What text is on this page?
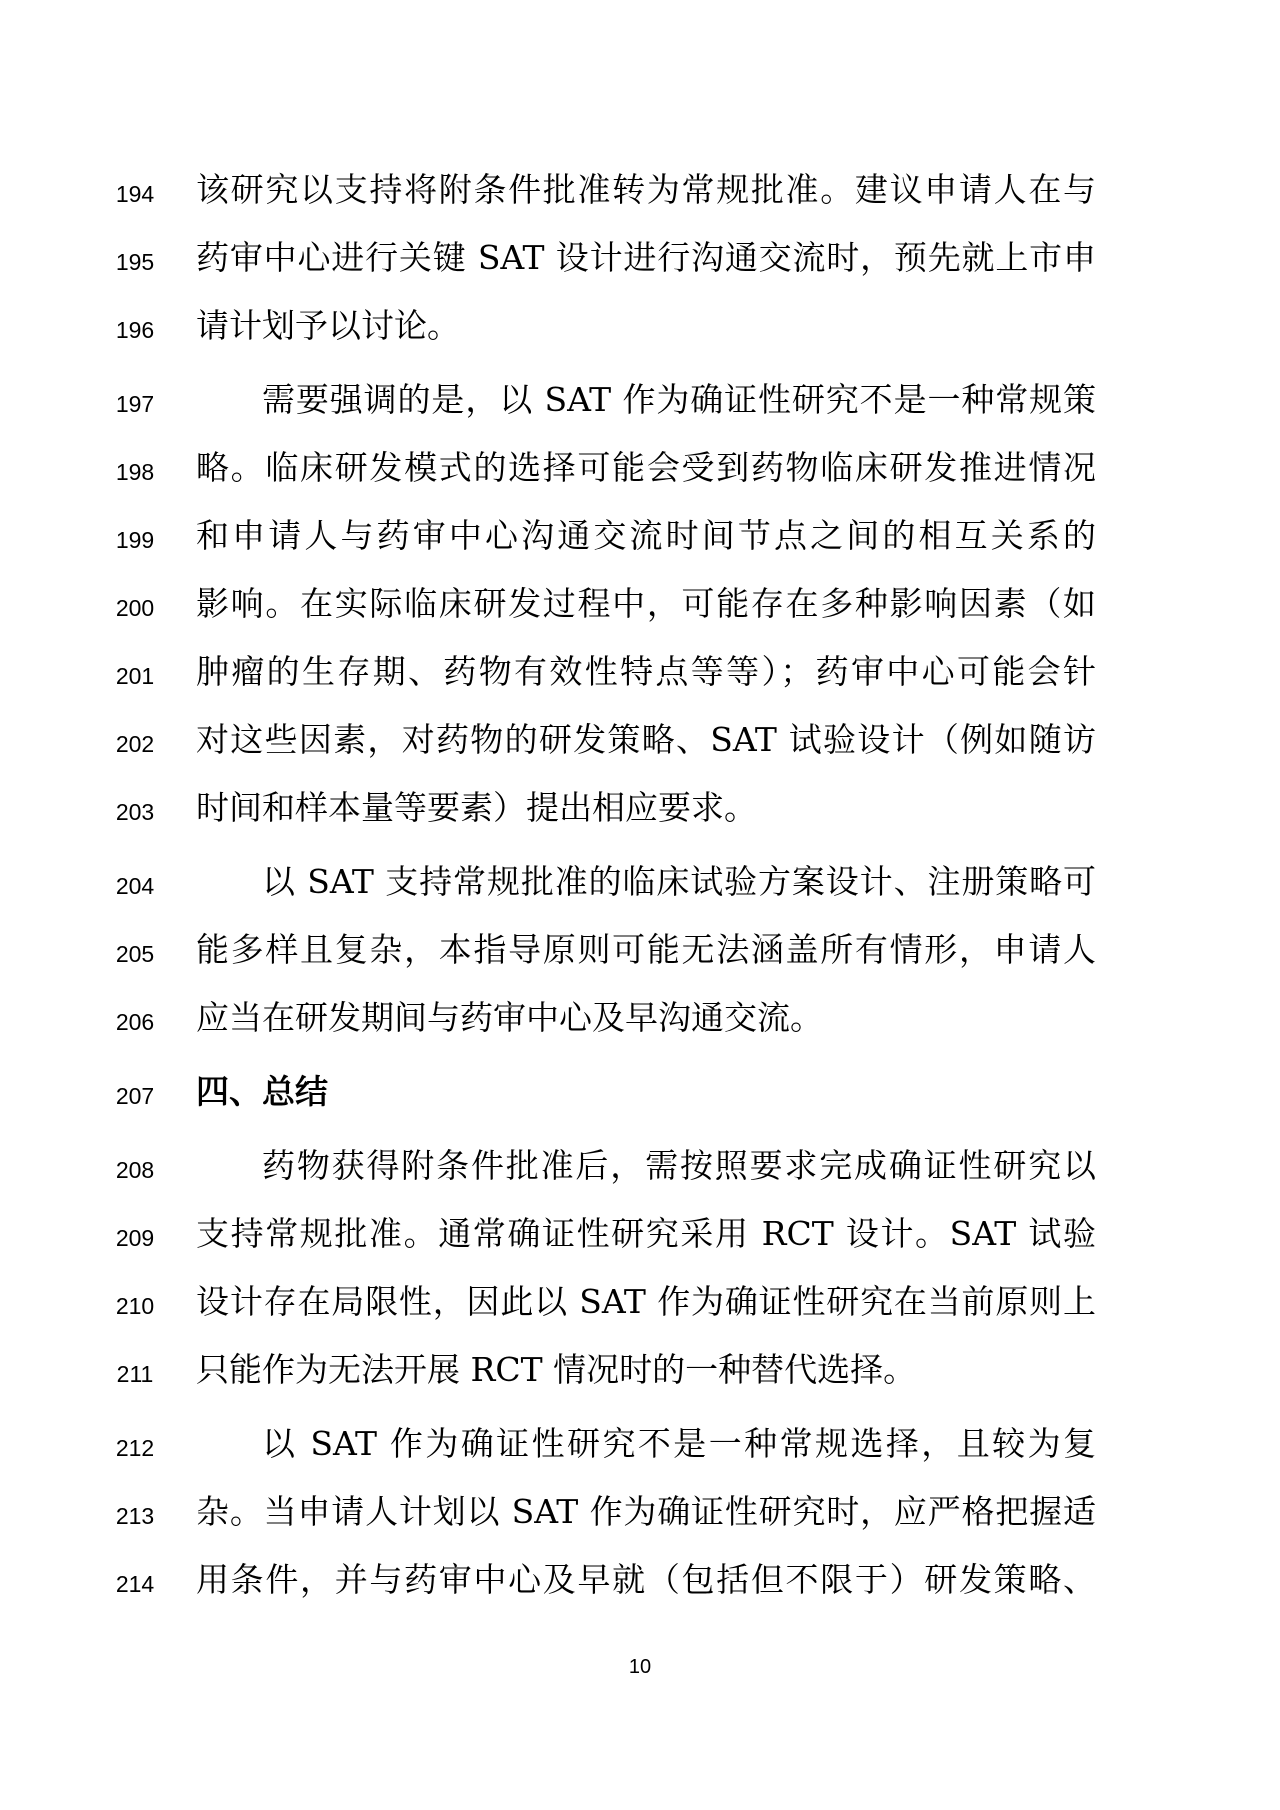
194 该研究以支持将附条件批准转为常规批准。建议申请人在与
195 药审中心进行关键 SAT 设计进行沟通交流时，预先就上市申
196 请计划予以讨论。
197	需要强调的是，以 SAT 作为确证性研究不是一种常规策
198 略。临床研发模式的选择可能会受到药物临床研发推进情况
199 和申请人与药审中心沟通交流时间节点之间的相互关系的
200 影响。在实际临床研发过程中，可能存在多种影响因素（如
201 肿瘤的生存期、药物有效性特点等等）；药审中心可能会针
202 对这些因素，对药物的研发策略、SAT 试验设计（例如随访
203 时间和样本量等要素）提出相应要求。
204	以 SAT 支持常规批准的临床试验方案设计、注册策略可
205 能多样且复杂，本指导原则可能无法涵盖所有情形，申请人
206 应当在研发期间与药审中心及早沟通交流。
207 四、总结
208	药物获得附条件批准后，需按照要求完成确证性研究以
209 支持常规批准。通常确证性研究采用 RCT 设计。SAT 试验
210 设计存在局限性，因此以 SAT 作为确证性研究在当前原则上
211 只能作为无法开展 RCT 情况时的一种替代选择。
212	以 SAT 作为确证性研究不是一种常规选择，且较为复
213 杂。当申请人计划以 SAT 作为确证性研究时，应严格把握适
214 用条件，并与药审中心及早就（包括但不限于）研发策略、
10
